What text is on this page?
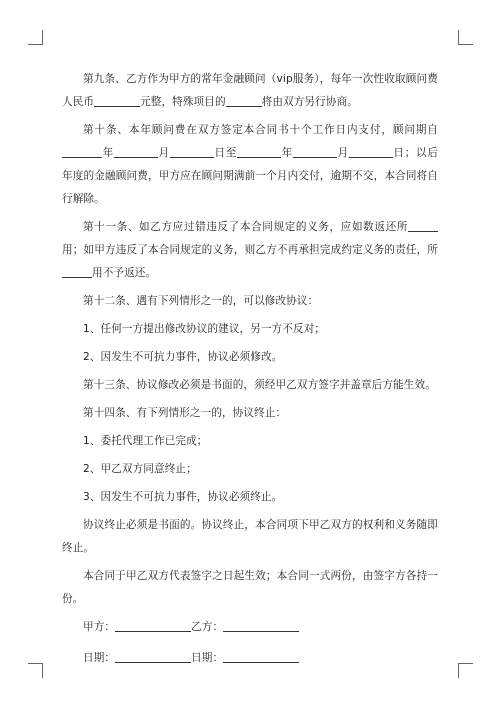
第九条、乙方作为甲方的常年金融顾问（vip服务），每年一次性收取顾问费人民币	元整，特殊项目的	将由双方另行协商。

第十条、本年顾问费在双方签定本合同书十个工作日内支付，顾问期自年	月	日至	年	月	日；以后年度的金融顾问费，甲方应在顾问期满前一个月内交付，逾期不交，本合同将自行解除。

第十一条、如乙方应过错违反了本合同规定的义务，应如数返还所用；如甲方违反了本合同规定的义务，则乙方不再承担完成约定义务的责任，所用不予返还。

第十二条、遇有下列情形之一的，可以修改协议：

1、任何一方提出修改协议的建议，另一方不反对；

2、因发生不可抗力事件，协议必须修改。

第十三条、协议修改必须是书面的，须经甲乙双方签字并盖章后方能生效。

第十四条、有下列情形之一的，协议终止：

1、委托代理工作已完成；

2、甲乙双方同意终止；

3、因发生不可抗力事件，协议必须终止。

协议终止必须是书面的。协议终止，本合同项下甲乙双方的权利和义务随即终止。

本合同于甲乙双方代表签字之日起生效；本合同一式两份，由签字方各持一份。

甲方：	乙方：

日期：	日期：
